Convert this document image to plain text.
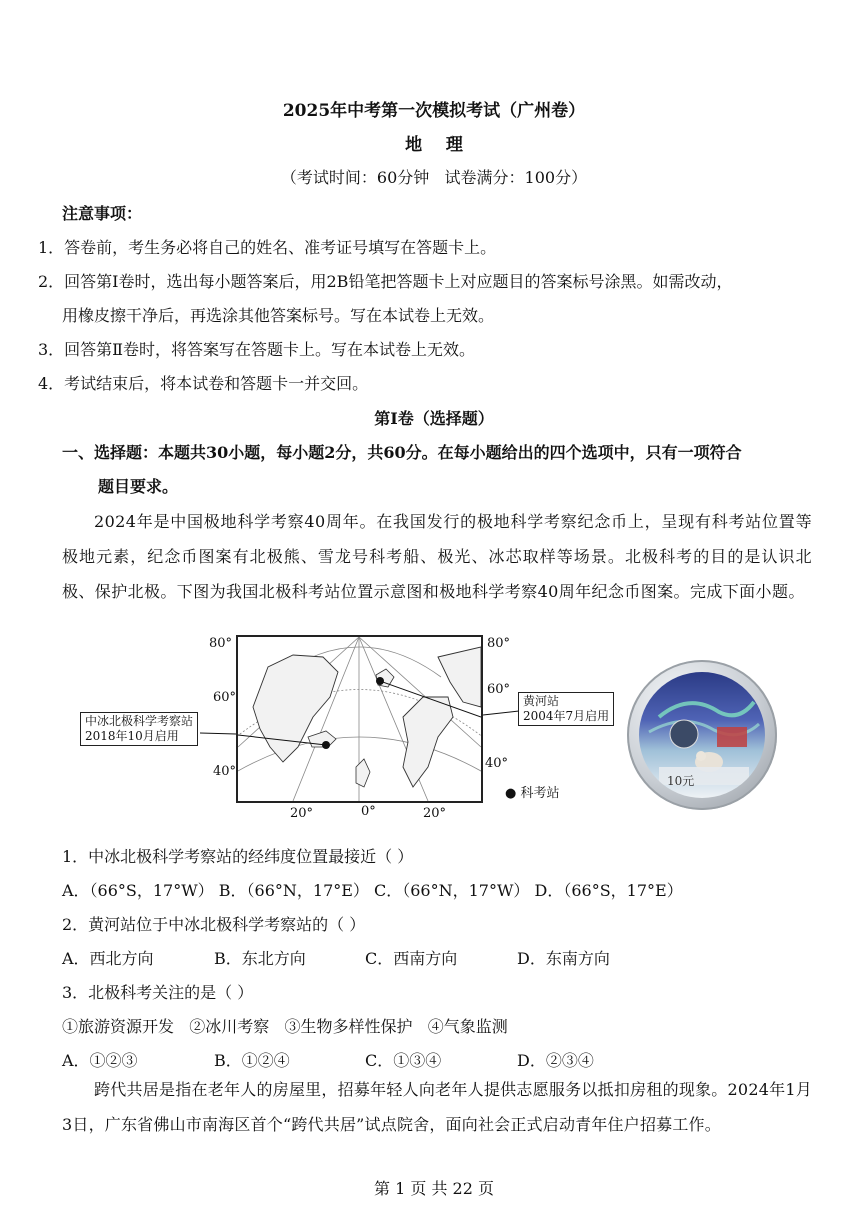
2025年中考第一次模拟考试（广州卷）
地    理
（考试时间：60分钟   试卷满分：100分）
注意事项：
1．答卷前，考生务必将自己的姓名、准考证号填写在答题卡上。
2．回答第Ⅰ卷时，选出每小题答案后，用2B铅笔把答题卡上对应题目的答案标号涂黑。如需改动，
用橡皮擦干净后，再选涂其他答案标号。写在本试卷上无效。
3．回答第Ⅱ卷时，将答案写在答题卡上。写在本试卷上无效。
4．考试结束后，将本试卷和答题卡一并交回。
第Ⅰ卷（选择题）
一、选择题：本题共30小题，每小题2分，共60分。在每小题给出的四个选项中，只有一项符合
题目要求。
2024年是中国极地科学考察40周年。在我国发行的极地科学考察纪念币上，呈现有科考站位置等极地元素，纪念币图案有北极熊、雪龙号科考船、极光、冰芯取样等场景。北极科考的目的是认识北极、保护北极。下图为我国北极科考站位置示意图和极地科学考察40周年纪念币图案。完成下面小题。
80°	80°
60°
60°
40°
40°
20°	0°	20°
中冰北极科学考察站
2018年10月启用
黄河站
2004年7月启用
● 科考站
10元
1．中冰北极科学考察站的经纬度位置最接近（ ）
A．（66°S，17°W） B．（66°N，17°E） C．（66°N，17°W） D．（66°S，17°E）
2．黄河站位于中冰北极科学考察站的（ ）
A．西北方向	B．东北方向	C．西南方向	D．东南方向
3．北极科考关注的是（ ）
①旅游资源开发   ②冰川考察   ③生物多样性保护   ④气象监测
A．①②③	B．①②④	C．①③④	D．②③④
跨代共居是指在老年人的房屋里，招募年轻人向老年人提供志愿服务以抵扣房租的现象。2024年1月3日，广东省佛山市南海区首个“跨代共居”试点院舍，面向社会正式启动青年住户招募工作。
第 1 页 共 22 页
